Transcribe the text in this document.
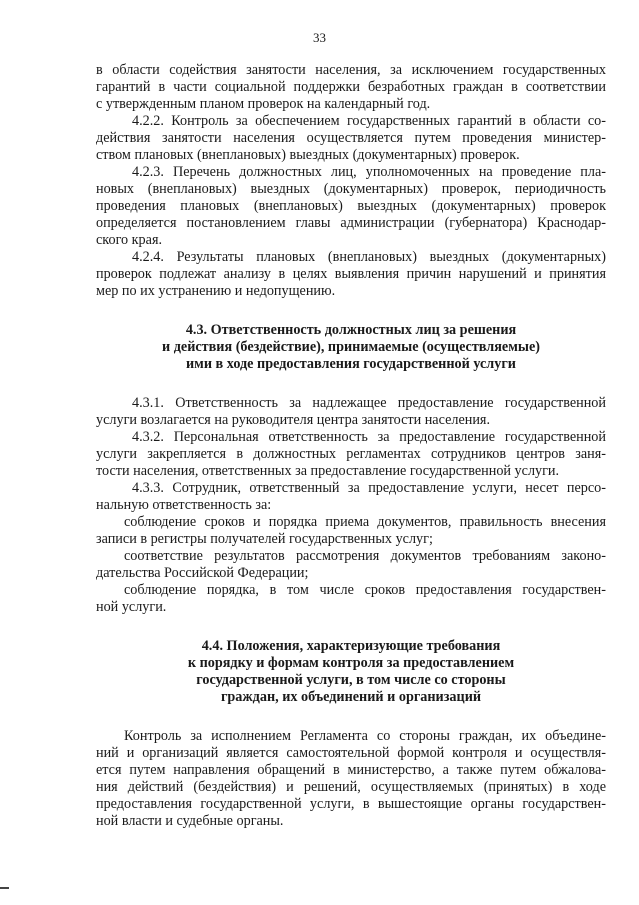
33
в области содействия занятости населения, за исключением государственных
гарантий в части социальной поддержки безработных граждан в соответствии
с утвержденным планом проверок на календарный год.
4.2.2. Контроль за обеспечением государственных гарантий в области со-
действия занятости населения осуществляется путем проведения министер-
ством плановых (внеплановых) выездных (документарных) проверок.
4.2.3. Перечень должностных лиц, уполномоченных на проведение пла-
новых (внеплановых) выездных (документарных) проверок, периодичность
проведения плановых (внеплановых) выездных (документарных) проверок
определяется постановлением главы администрации (губернатора) Краснодар-
ского края.
4.2.4. Результаты плановых (внеплановых) выездных (документарных)
проверок подлежат анализу в целях выявления причин нарушений и принятия
мер по их устранению и недопущению.
4.3. Ответственность должностных лиц за решения
и действия (бездействие), принимаемые (осуществляемые)
ими в ходе предоставления государственной услуги
4.3.1. Ответственность за надлежащее предоставление государственной
услуги возлагается на руководителя центра занятости населения.
4.3.2. Персональная ответственность за предоставление государственной
услуги закрепляется в должностных регламентах сотрудников центров заня-
тости населения, ответственных за предоставление государственной услуги.
4.3.3. Сотрудник, ответственный за предоставление услуги, несет персо-
нальную ответственность за:
соблюдение сроков и порядка приема документов, правильность внесения
записи в регистры получателей государственных услуг;
соответствие результатов рассмотрения документов требованиям законо-
дательства Российской Федерации;
соблюдение порядка, в том числе сроков предоставления государствен-
ной услуги.
4.4. Положения, характеризующие требования
к порядку и формам контроля за предоставлением
государственной услуги, в том числе со стороны
граждан, их объединений и организаций
Контроль за исполнением Регламента со стороны граждан, их объедине-
ний и организаций является самостоятельной формой контроля и осуществля-
ется путем направления обращений в министерство, а также путем обжалова-
ния действий (бездействия) и решений, осуществляемых (принятых) в ходе
предоставления государственной услуги, в вышестоящие органы государствен-
ной власти и судебные органы.
